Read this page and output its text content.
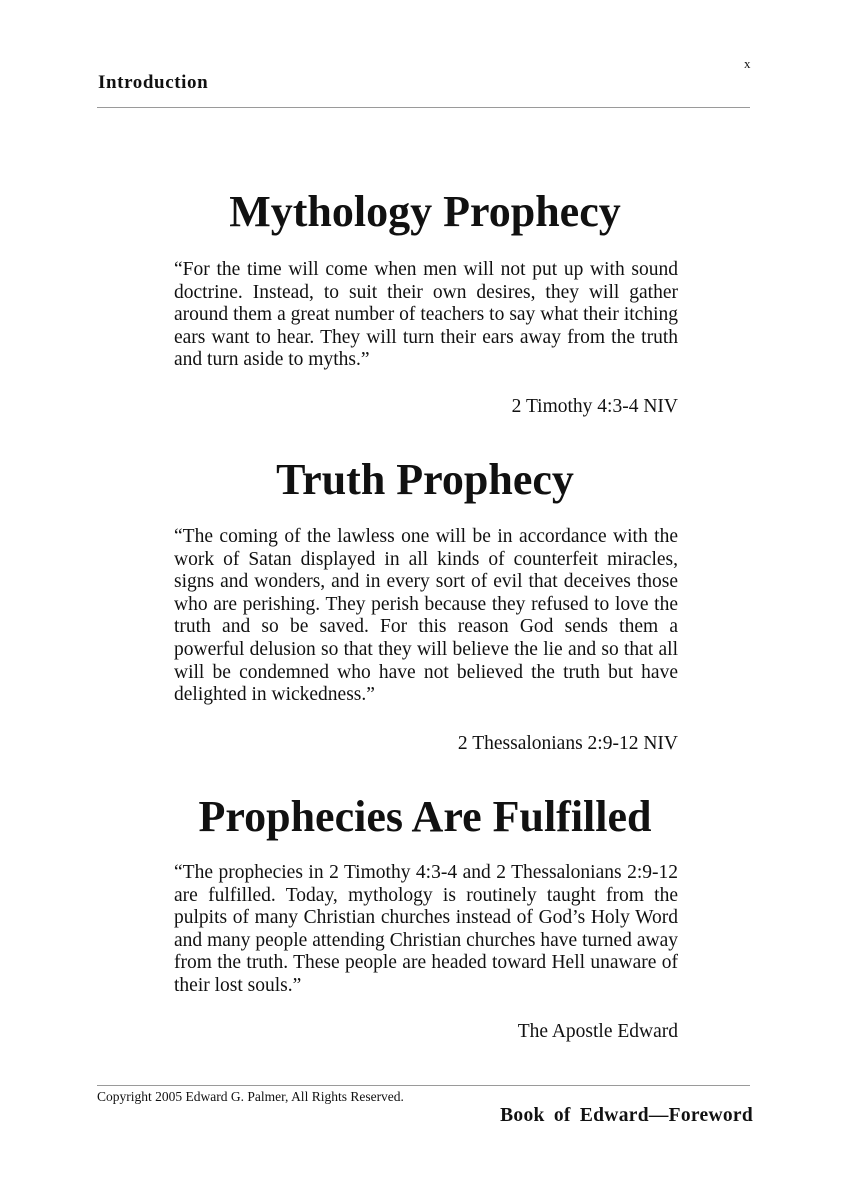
x
Introduction
Mythology Prophecy

“For the time will come when men will not put up with sound doctrine. Instead, to suit their own desires, they will gather around them a great number of teachers to say what their itching ears want to hear. They will turn their ears away from the truth and turn aside to myths.”

2 Timothy 4:3-4 NIV
Truth Prophecy

“The coming of the lawless one will be in accordance with the work of Satan displayed in all kinds of counterfeit miracles, signs and wonders, and in every sort of evil that deceives those who are perishing. They perish because they refused to love the truth and so be saved. For this reason God sends them a powerful delusion so that they will believe the lie and so that all will be condemned who have not believed the truth but have delighted in wickedness.”

2 Thessalonians 2:9-12 NIV
Prophecies Are Fulfilled

“The prophecies in 2 Timothy 4:3-4 and 2 Thessalonians 2:9-12 are fulfilled. Today, mythology is routinely taught from the pulpits of many Christian churches instead of God’s Holy Word and many people attending Christian churches have turned away from the truth. These people are headed toward Hell unaware of their lost souls.”

The Apostle Edward
Copyright 2005 Edward G. Palmer, All Rights Reserved.
Book of Edward—Foreword
